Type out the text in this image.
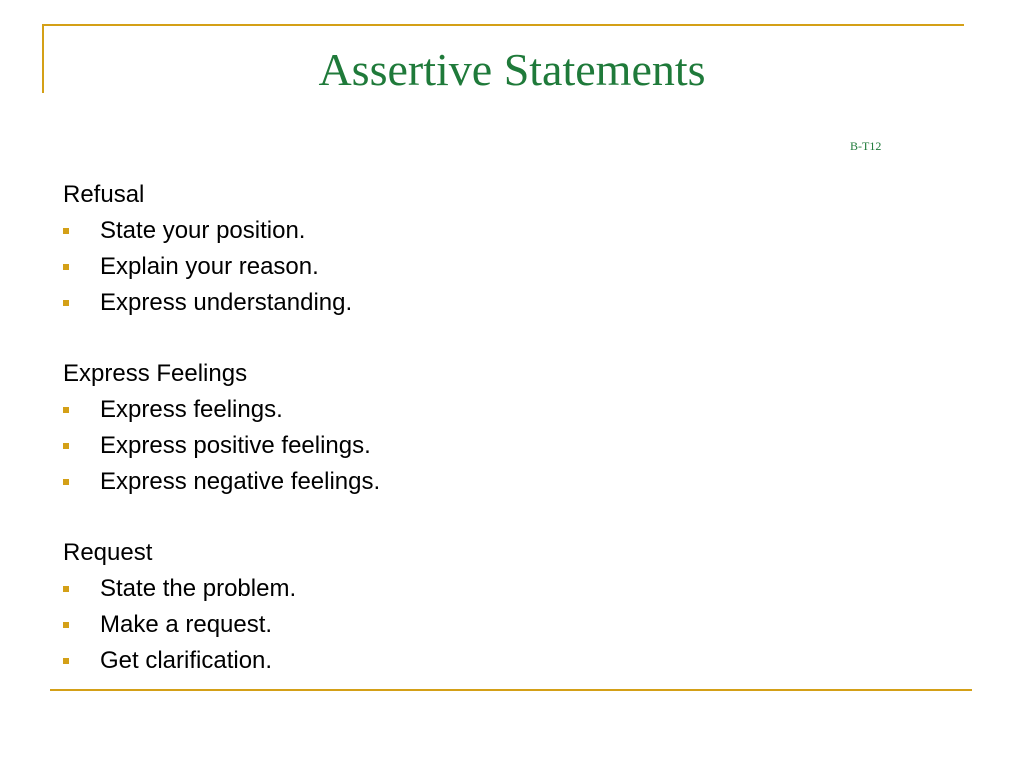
Assertive Statements
B-T12
Refusal
State your position.
Explain your reason.
Express understanding.
Express Feelings
Express feelings.
Express positive feelings.
Express negative feelings.
Request
State the problem.
Make a request.
Get clarification.
